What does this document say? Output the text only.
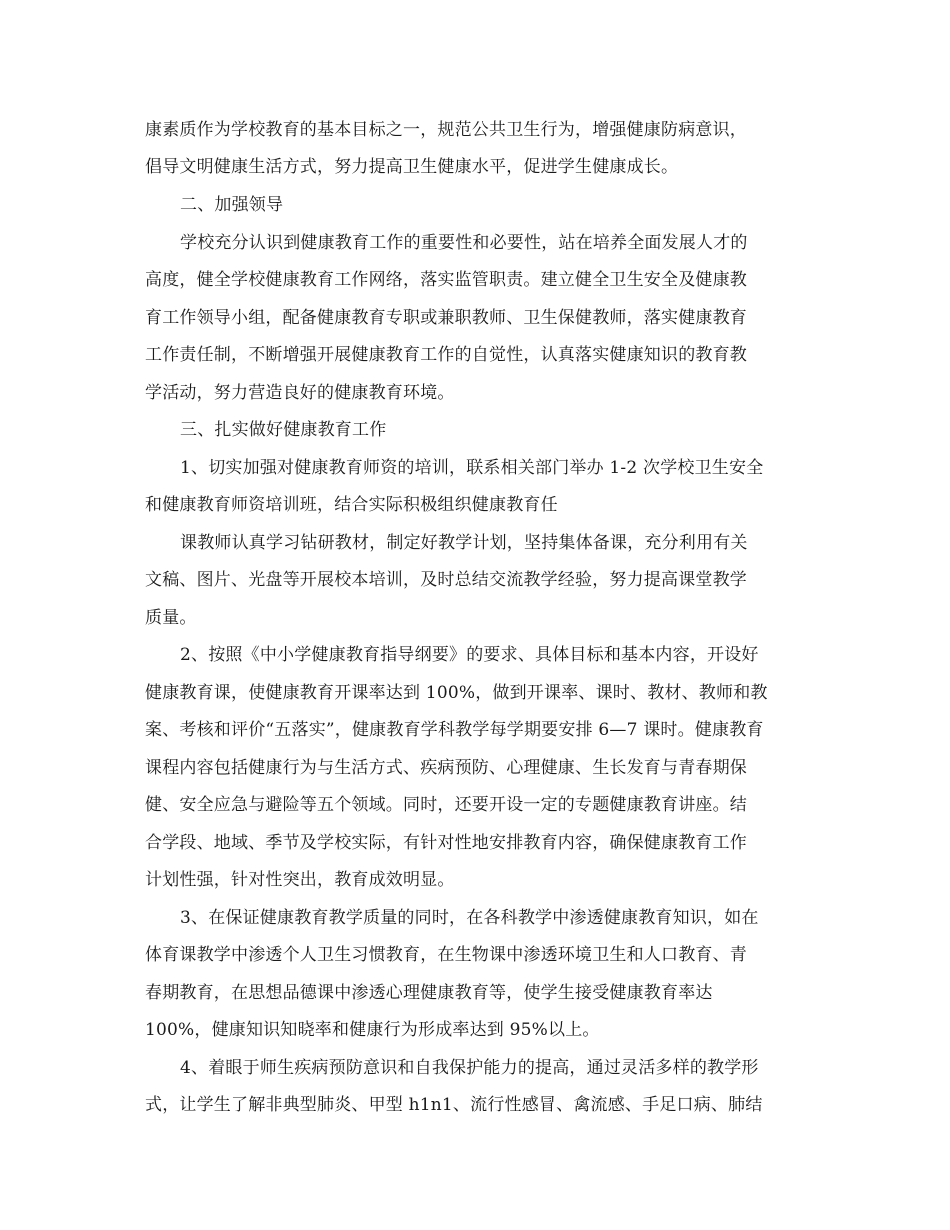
康素质作为学校教育的基本目标之一，规范公共卫生行为，增强健康防病意识，
倡导文明健康生活方式，努力提高卫生健康水平，促进学生健康成长。
二、加强领导
学校充分认识到健康教育工作的重要性和必要性，站在培养全面发展人才的
高度，健全学校健康教育工作网络，落实监管职责。建立健全卫生安全及健康教
育工作领导小组，配备健康教育专职或兼职教师、卫生保健教师，落实健康教育
工作责任制，不断增强开展健康教育工作的自觉性，认真落实健康知识的教育教
学活动，努力营造良好的健康教育环境。
三、扎实做好健康教育工作
1、切实加强对健康教育师资的培训，联系相关部门举办 1-2 次学校卫生安全
和健康教育师资培训班，结合实际积极组织健康教育任
课教师认真学习钻研教材，制定好教学计划，坚持集体备课，充分利用有关
文稿、图片、光盘等开展校本培训，及时总结交流教学经验，努力提高课堂教学
质量。
2、按照《中小学健康教育指导纲要》的要求、具体目标和基本内容，开设好
健康教育课，使健康教育开课率达到 100%，做到开课率、课时、教材、教师和教
案、考核和评价“五落实”，健康教育学科教学每学期要安排 6—7 课时。健康教育
课程内容包括健康行为与生活方式、疾病预防、心理健康、生长发育与青春期保
健、安全应急与避险等五个领域。同时，还要开设一定的专题健康教育讲座。结
合学段、地域、季节及学校实际，有针对性地安排教育内容，确保健康教育工作
计划性强，针对性突出，教育成效明显。
3、在保证健康教育教学质量的同时，在各科教学中渗透健康教育知识，如在
体育课教学中渗透个人卫生习惯教育，在生物课中渗透环境卫生和人口教育、青
春期教育，在思想品德课中渗透心理健康教育等，使学生接受健康教育率达
100%，健康知识知晓率和健康行为形成率达到 95%以上。
4、着眼于师生疾病预防意识和自我保护能力的提高，通过灵活多样的教学形
式，让学生了解非典型肺炎、甲型 h1n1、流行性感冒、禽流感、手足口病、肺结
